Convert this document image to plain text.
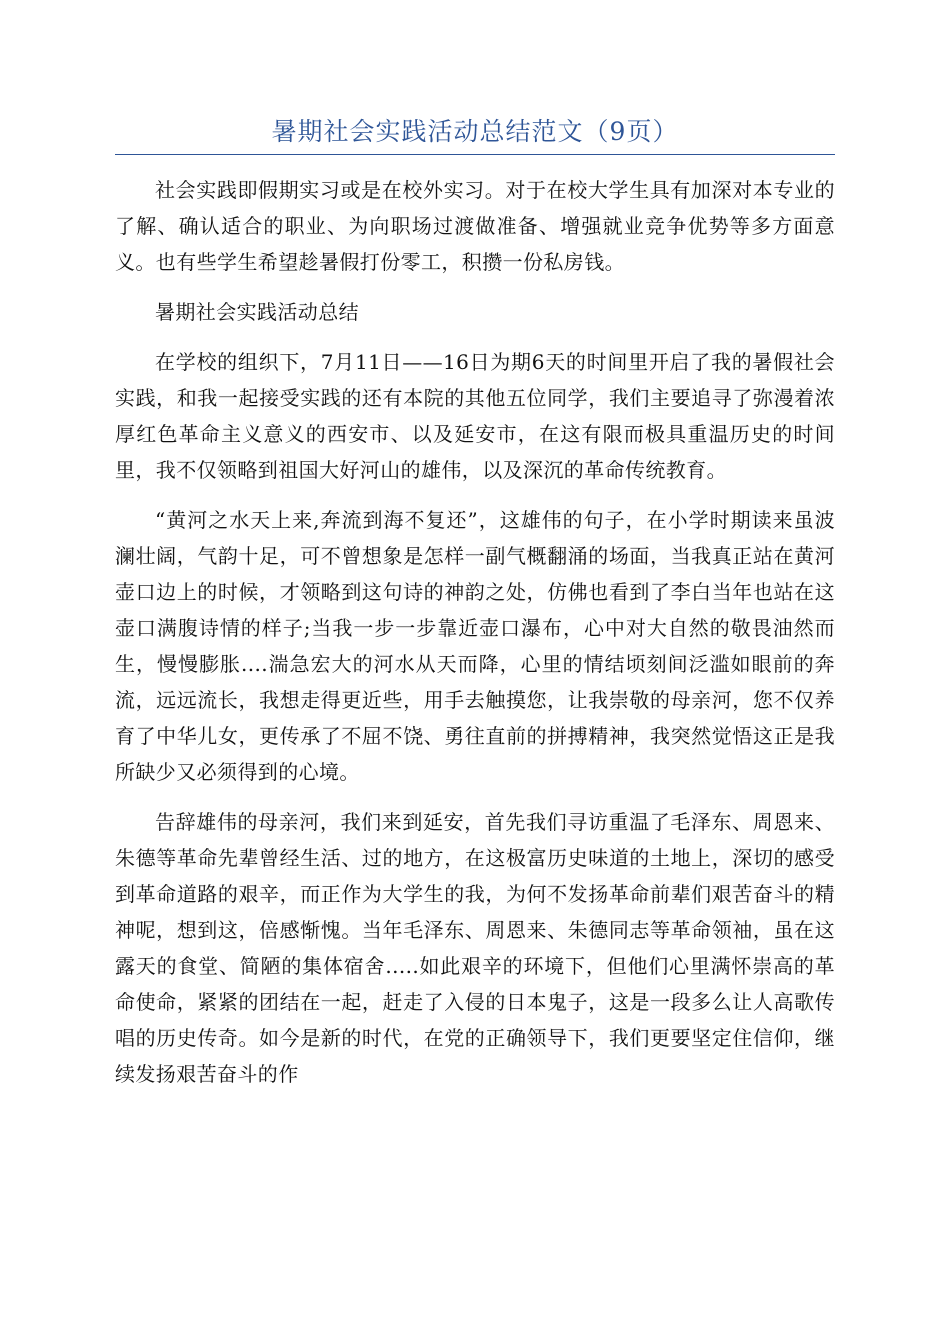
暑期社会实践活动总结范文（9页）

社会实践即假期实习或是在校外实习。对于在校大学生具有加深对本专业的了解、确认适合的职业、为向职场过渡做准备、增强就业竞争优势等多方面意义。也有些学生希望趁暑假打份零工，积攒一份私房钱。

暑期社会实践活动总结

在学校的组织下，7月11日——16日为期6天的时间里开启了我的暑假社会实践，和我一起接受实践的还有本院的其他五位同学，我们主要追寻了弥漫着浓厚红色革命主义意义的西安市、以及延安市，在这有限而极具重温历史的时间里，我不仅领略到祖国大好河山的雄伟，以及深沉的革命传统教育。

“黄河之水天上来,奔流到海不复还”，这雄伟的句子，在小学时期读来虽波澜壮阔，气韵十足，可不曾想象是怎样一副气概翻涌的场面，当我真正站在黄河壶口边上的时候，才领略到这句诗的神韵之处，仿佛也看到了李白当年也站在这壶口满腹诗情的样子;当我一步一步靠近壶口瀑布，心中对大自然的敬畏油然而生，慢慢膨胀....湍急宏大的河水从天而降，心里的情结顷刻间泛滥如眼前的奔流，远远流长，我想走得更近些，用手去触摸您，让我崇敬的母亲河，您不仅养育了中华儿女，更传承了不屈不饶、勇往直前的拼搏精神，我突然觉悟这正是我所缺少又必须得到的心境。

告辞雄伟的母亲河，我们来到延安，首先我们寻访重温了毛泽东、周恩来、朱德等革命先辈曾经生活、过的地方，在这极富历史味道的土地上，深切的感受到革命道路的艰辛，而正作为大学生的我，为何不发扬革命前辈们艰苦奋斗的精神呢，想到这，倍感惭愧。当年毛泽东、周恩来、朱德同志等革命领袖，虽在这露天的食堂、简陋的集体宿舍.....如此艰辛的环境下，但他们心里满怀崇高的革命使命，紧紧的团结在一起，赶走了入侵的日本鬼子，这是一段多么让人高歌传唱的历史传奇。如今是新的时代，在党的正确领导下，我们更要坚定住信仰，继续发扬艰苦奋斗的作
